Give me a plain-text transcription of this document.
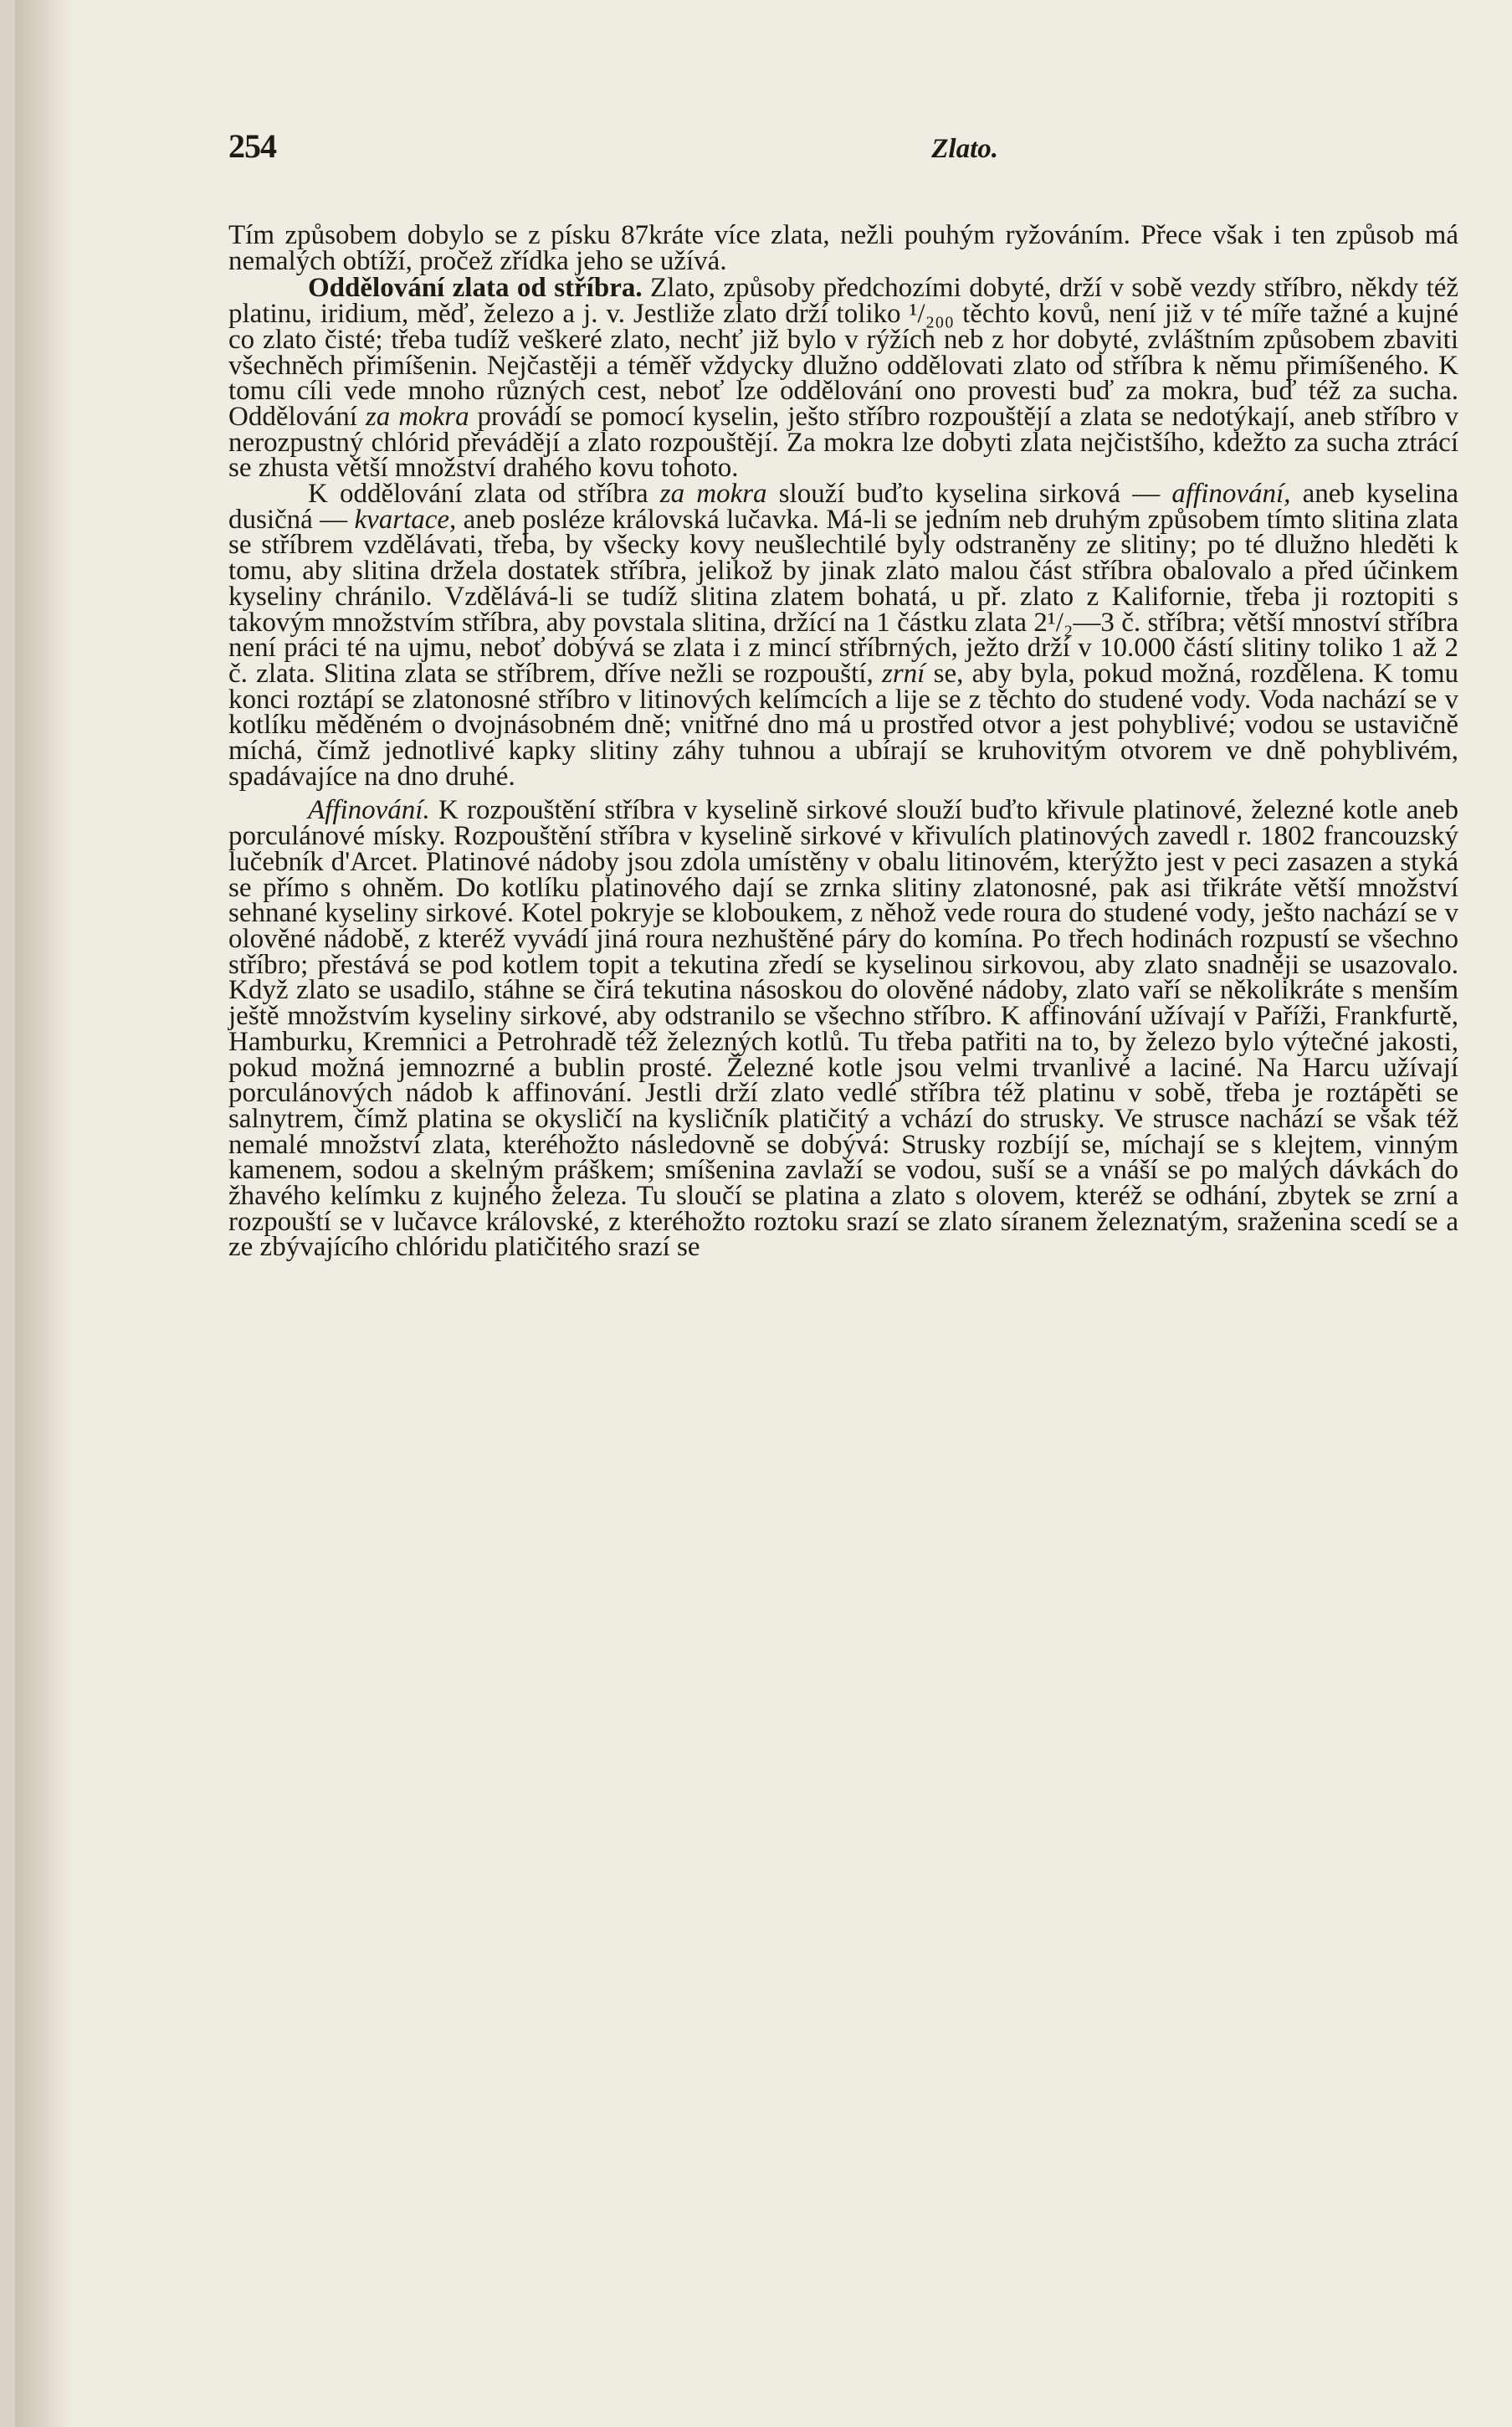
254	Zlato.

Tím způsobem dobylo se z písku 87kráte více zlata, nežli pouhým ryžováním. Přece však i ten způsob má nemalých obtíží, pročež zřídka jeho se užívá.

Oddělování zlata od stříbra. Zlato, způsoby předchozími dobyté, drží v sobě vezdy stříbro, někdy též platinu, iridium, měď, železo a j. v. Jestliže zlato drží toliko ¹/₂₀₀ těchto kovů, není již v té míře tažné a kujné co zlato čisté; třeba tudíž veškeré zlato, nechť již bylo v rýžích neb z hor dobyté, zvláštním způsobem zbaviti všechněch přimíšenin. Nejčastěji a téměř vždycky dlužno oddělovati zlato od stříbra k němu přimíšeného. K tomu cíli vede mnoho různých cest, neboť lze oddělování ono provesti buď za mokra, buď též za sucha. Oddělování za mokra provádí se pomocí kyselin, ješto stříbro rozpouštějí a zlata se nedotýkají, aneb stříbro v nerozpustný chlórid převádějí a zlato rozpouštějí. Za mokra lze dobyti zlata nejčistšího, kdežto za sucha ztrácí se zhusta větší množství drahého kovu tohoto.

K oddělování zlata od stříbra za mokra slouží buďto kyselina sirková — affinování, aneb kyselina dusičná — kvartace, aneb posléze královská lučavka. Má-li se jedním neb druhým způsobem tímto slitina zlata se stříbrem vzdělávati, třeba, by všecky kovy neušlechtilé byly odstraněny ze slitiny; po té dlužno hleděti k tomu, aby slitina držela dostatek stříbra, jelikož by jinak zlato malou část stříbra obalovalo a před účinkem kyseliny chránilo. Vzdělává-li se tudíž slitina zlatem bohatá, u př. zlato z Kalifornie, třeba ji roztopiti s takovým množstvím stříbra, aby povstala slitina, držící na 1 částku zlata 2¹/₂—3 č. stříbra; větší mnoství stříbra není práci té na ujmu, neboť dobývá se zlata i z mincí stříbrných, ježto drží v 10.000 částí slitiny toliko 1 až 2 č. zlata. Slitina zlata se stříbrem, dříve nežli se rozpouští, zrní se, aby byla, pokud možná, rozdělena. K tomu konci roztápí se zlatonosné stříbro v litinových kelímcích a lije se z těchto do studené vody. Voda nachází se v kotlíku měděném o dvojnásobném dně; vnitřné dno má u prostřed otvor a jest pohyblivé; vodou se ustavičně míchá, čímž jednotlivé kapky slitiny záhy tuhnou a ubírají se kruhovitým otvorem ve dně pohyblivém, spadávajíce na dno druhé.

Affinování. K rozpouštění stříbra v kyselině sirkové slouží buďto křivule platinové, železné kotle aneb porculánové mísky. Rozpouštění stříbra v kyselině sirkové v křivulích platinových zavedl r. 1802 francouzský lučebník d'Arcet. Platinové nádoby jsou zdola umístěny v obalu litinovém, kterýžto jest v peci zasazen a styká se přímo s ohněm. Do kotlíku platinového dají se zrnka slitiny zlatonosné, pak asi třikráte větší množství sehnané kyseliny sirkové. Kotel pokryje se kloboukem, z něhož vede roura do studené vody, ješto nachází se v olověné nádobě, z kteréž vyvádí jiná roura nezhuštěné páry do komína. Po třech hodinách rozpustí se všechno stříbro; přestává se pod kotlem topit a tekutina zředí se kyselinou sirkovou, aby zlato snadněji se usazovalo. Když zlato se usadilo, stáhne se čirá tekutina násoskou do olověné nádoby, zlato vaří se několikráte s menším ještě množstvím kyseliny sirkové, aby odstranilo se všechno stříbro. K affinování užívají v Paříži, Frankfurtě, Hamburku, Kremnici a Petrohradě též železných kotlů. Tu třeba patřiti na to, by železo bylo výtečné jakosti, pokud možná jemnozrné a bublin prosté. Železné kotle jsou velmi trvanlivé a laciné. Na Harcu užívají porculánových nádob k affinování. Jestli drží zlato vedlé stříbra též platinu v sobě, třeba je roztápěti se salnytrem, čímž platina se okysličí na kysličník platičitý a vchází do strusky. Ve strusce nachází se však též nemalé množství zlata, kteréhožto následovně se dobývá: Strusky rozbíjí se, míchají se s klejtem, vinným kamenem, sodou a skelným práškem; smíšenina zavlaží se vodou, suší se a vnáší se po malých dávkách do žhavého kelímku z kujného železa. Tu sloučí se platina a zlato s olovem, kteréž se odhání, zbytek se zrní a rozpouští se v lučavce královské, z kteréhožto roztoku srazí se zlato síranem železnatým, sraženina scedí se a ze zbývajícího chlóridu platičitého srazí se
